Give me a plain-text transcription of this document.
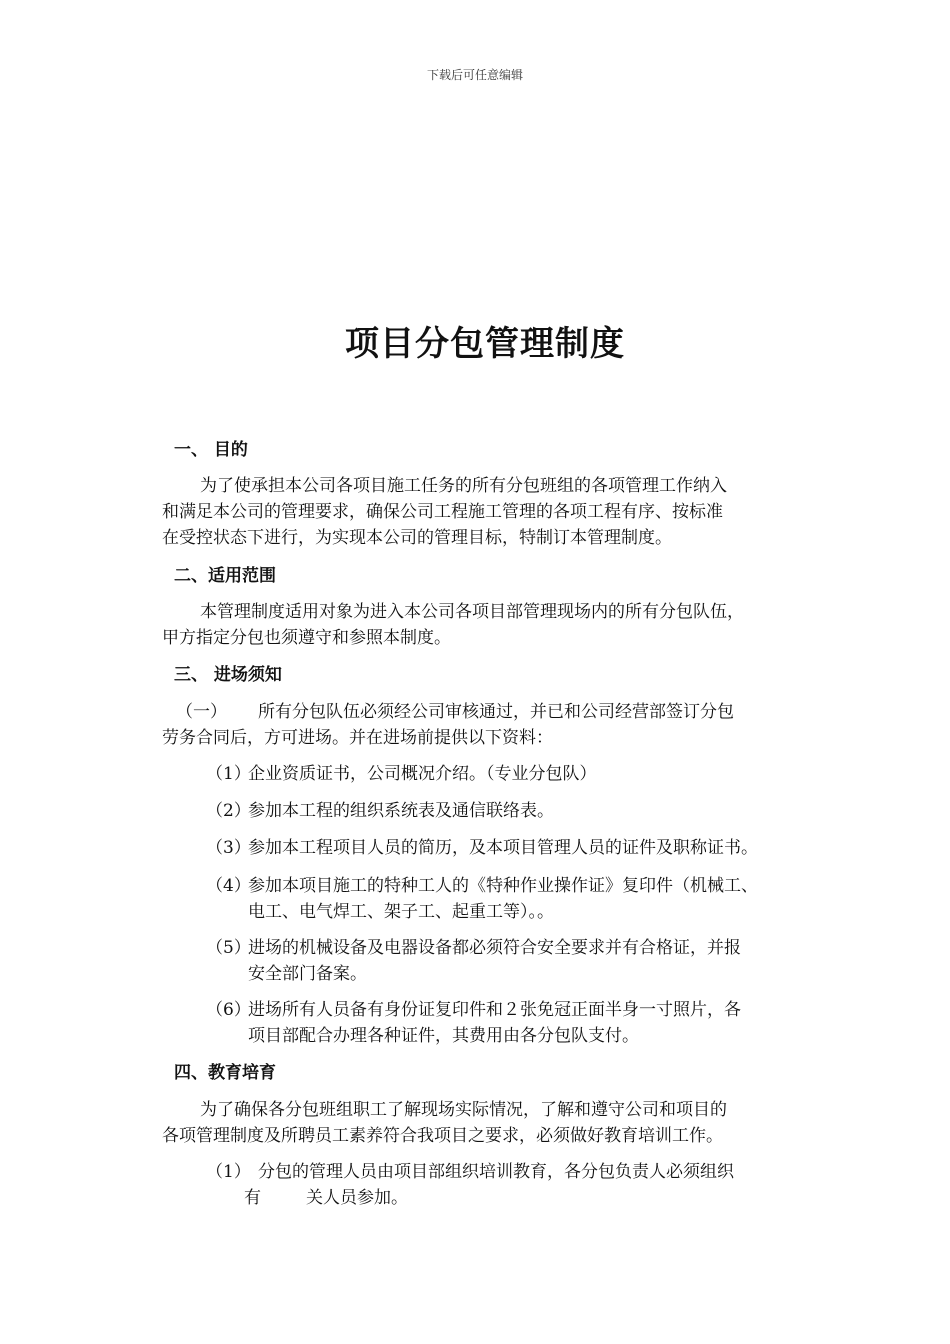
下载后可任意编辑
项目分包管理制度
一、 目的
为了使承担本公司各项目施工任务的所有分包班组的各项管理工作纳入
和满足本公司的管理要求，确保公司工程施工管理的各项工程有序、按标准
在受控状态下进行，为实现本公司的管理目标，特制订本管理制度。
二、适用范围
本管理制度适用对象为进入本公司各项目部管理现场内的所有分包队伍，
甲方指定分包也须遵守和参照本制度。
三、 进场须知
（一） 所有分包队伍必须经公司审核通过，并已和公司经营部签订分包
劳务合同后，方可进场。并在进场前提供以下资料：
（1）
企业资质证书，公司概况介绍。（专业分包队）
（2）
参加本工程的组织系统表及通信联络表。
（3）
参加本工程项目人员的简历，及本项目管理人员的证件及职称证书。
（4）
参加本项目施工的特种工人的《特种作业操作证》复印件（机械工、
电工、电气焊工、架子工、起重工等）。。
（5）
进场的机械设备及电器设备都必须符合安全要求并有合格证，并报
安全部门备案。
（6）
进场所有人员备有身份证复印件和２张免冠正面半身一寸照片，各
项目部配合办理各种证件，其费用由各分包队支付。
四、教育培育
为了确保各分包班组职工了解现场实际情况，了解和遵守公司和项目的
各项管理制度及所聘员工素养符合我项目之要求，必须做好教育培训工作。
（1） 分包的管理人员由项目部组织培训教育，各分包负责人必须组织
有	关人员参加。
